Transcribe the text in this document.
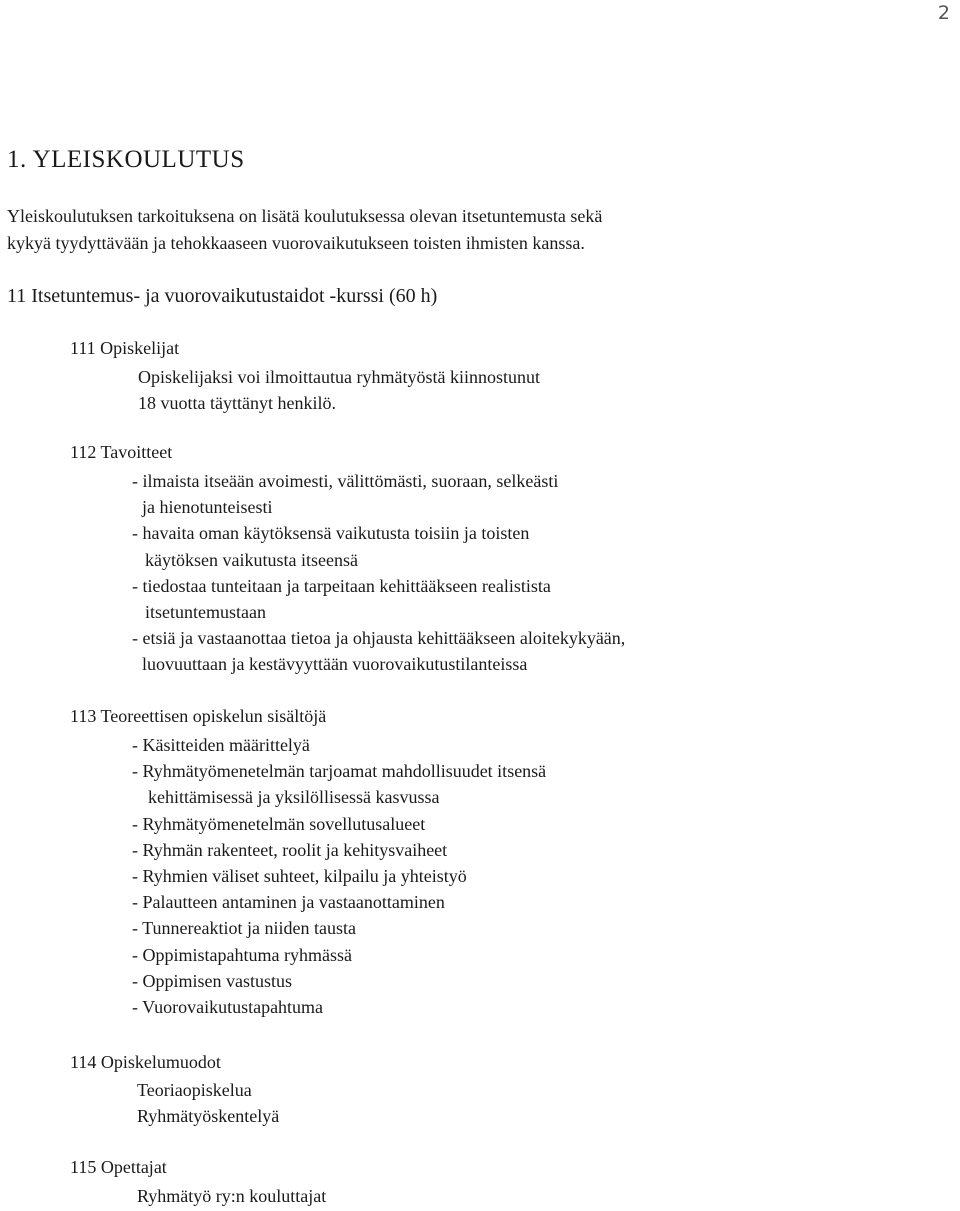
2
1. YLEISKOULUTUS
Yleiskoulutuksen tarkoituksena on lisätä koulutuksessa olevan itsetuntemusta sekä
kykyä tyydyttävään ja tehokkaaseen vuorovaikutukseen toisten ihmisten kanssa.
11 Itsetuntemus- ja vuorovaikutustaidot -kurssi (60 h)
111 Opiskelijat
Opiskelijaksi voi ilmoittautua ryhmätyöstä kiinnostunut
18 vuotta täyttänyt henkilö.
112 Tavoitteet
- ilmaista itseään avoimesti, välittömästi, suoraan, selkeästi
ja hienotunteisesti
- havaita oman käytöksensä vaikutusta toisiin ja toisten
käytöksen vaikutusta itseensä
- tiedostaa tunteitaan ja tarpeitaan kehittääkseen realistista
itsetuntemustaan
- etsiä ja vastaanottaa tietoa ja ohjausta kehittääkseen aloitekykyään,
luovuuttaan ja kestävyyttään vuorovaikutustilanteissa
113 Teoreettisen opiskelun sisältöjä
- Käsitteiden määrittelyä
- Ryhmätyömenetelmän tarjoamat mahdollisuudet itsensä
kehittämisessä ja yksilöllisessä kasvussa
- Ryhmätyömenetelmän sovellutusalueet
- Ryhmän rakenteet, roolit ja kehitysvaiheet
- Ryhmien väliset suhteet, kilpailu ja yhteistyö
- Palautteen antaminen ja vastaanottaminen
- Tunnereaktiot ja niiden tausta
- Oppimistapahtuma ryhmässä
- Oppimisen vastustus
- Vuorovaikutustapahtuma
114 Opiskelumuodot
Teoriaopiskelua
Ryhmätyöskentelyä
115 Opettajat
Ryhmätyö ry:n kouluttajat
